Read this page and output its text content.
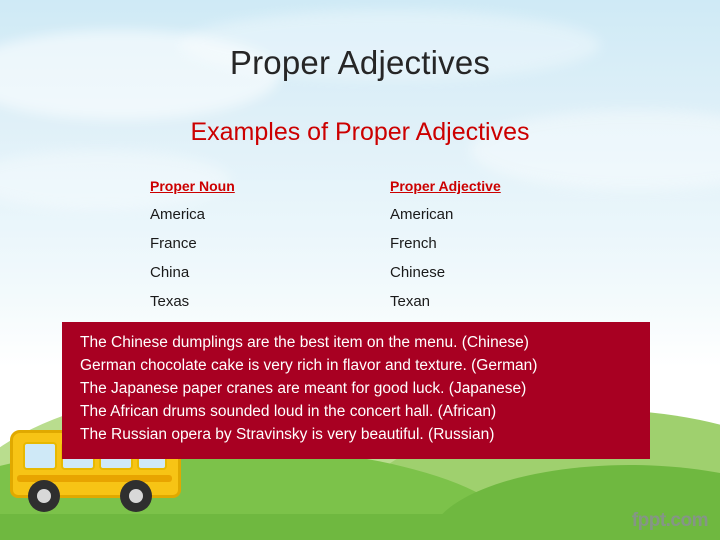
Proper Adjectives
Examples of Proper Adjectives
Proper Noun	Proper Adjective
America	American
France	French
China	Chinese
Texas	Texan

The Chinese dumplings are the best item on the menu. (Chinese)

German chocolate cake is very rich in flavor and texture. (German)

The Japanese paper cranes are meant for good luck. (Japanese)

The African drums sounded loud in the concert hall. (African)

The Russian opera by Stravinsky is very beautiful. (Russian)

fppt.com
